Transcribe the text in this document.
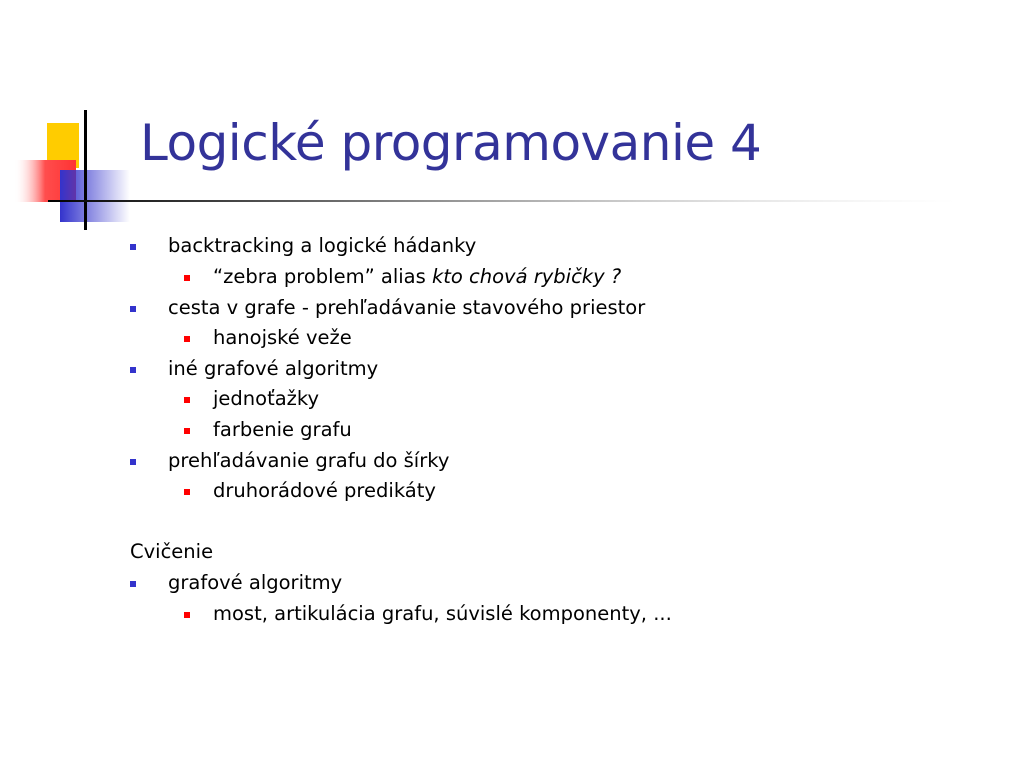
Logické programovanie 4
backtracking a logické hádanky
“zebra problem” alias kto chová rybičky ?
cesta v grafe - prehľadávanie stavového priestor
hanojské veže
iné grafové algoritmy
jednoťažky
farbenie grafu
prehľadávanie grafu do šírky
druhorádové predikáty
Cvičenie
grafové algoritmy
most, artikulácia grafu, súvislé komponenty, ...
